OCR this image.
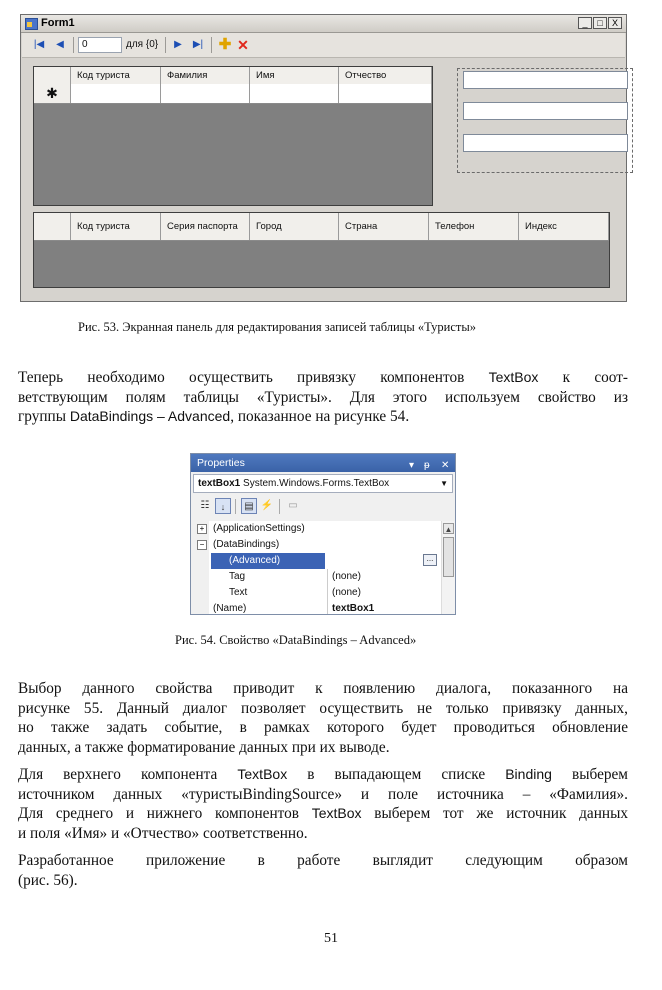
Form1	_	□	X
|◀	◀	0	для {0}	▶	▶| ✚ ✕
Код туриста	Фамилия	Имя	Отчество
✱
Код туриста	Серия паспорта	Город	Страна	Телефон	Индекс
Рис. 53. Экранная панель для редактирования записей таблицы «Туристы»
Теперь необходимо осуществить привязку компонентов TextBox к соот-
ветствующим полям таблицы «Туристы». Для этого используем свойство из
группы DataBindings – Advanced, показанное на рисунке 54.
Properties	▾ ᵽ ✕
textBox1 System.Windows.Forms.TextBox	▼
☷	↓	▤ ⚡	▭
+ (ApplicationSettings)
− (DataBindings)
(Advanced)	...
Tag	(none)
Text	(none)
(Name)	textBox1
▲
Рис. 54. Свойство «DataBindings – Advanced»
Выбор данного свойства приводит к появлению диалога, показанного на
рисунке 55. Данный диалог позволяет осуществить не только привязку данных,
но также задать событие, в рамках которого будет проводиться обновление
данных, а также форматирование данных при их выводе.
Для верхнего компонента TextBox в выпадающем списке Binding выберем
источником данных «туристыBindingSource» и поле источника – «Фамилия».
Для среднего и нижнего компонентов TextBox выберем тот же источник данных
и поля «Имя» и «Отчество» соответственно.
Разработанное приложение в работе выглядит следующим образом
(рис. 56).
51
